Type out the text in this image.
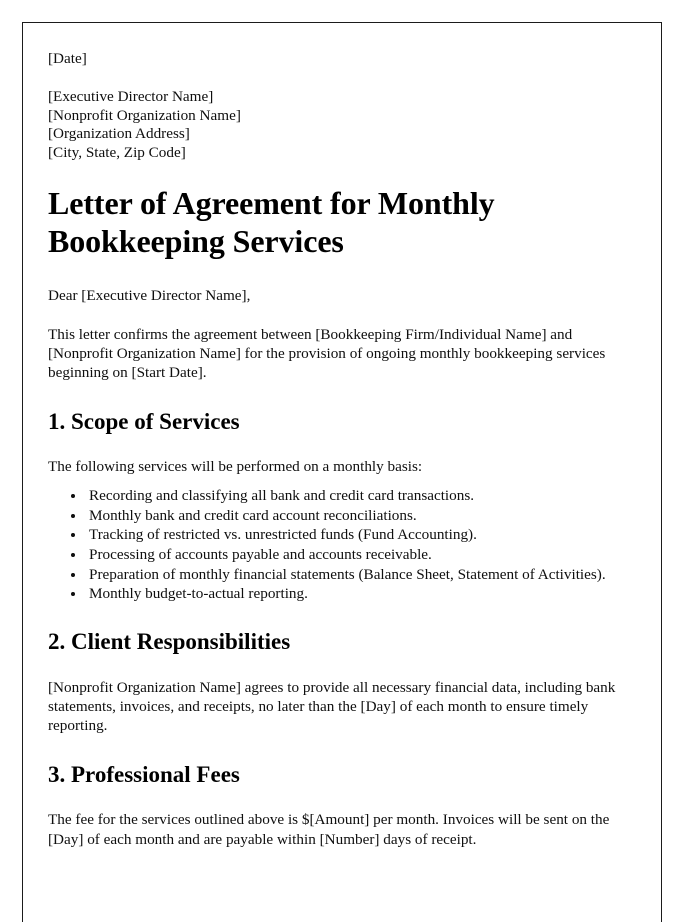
[Date]
[Executive Director Name]
[Nonprofit Organization Name]
[Organization Address]
[City, State, Zip Code]
Letter of Agreement for Monthly Bookkeeping Services
Dear [Executive Director Name],

This letter confirms the agreement between [Bookkeeping Firm/Individual Name] and [Nonprofit Organization Name] for the provision of ongoing monthly bookkeeping services beginning on [Start Date].

1. Scope of Services

The following services will be performed on a monthly basis:

• Recording and classifying all bank and credit card transactions.
• Monthly bank and credit card account reconciliations.
• Tracking of restricted vs. unrestricted funds (Fund Accounting).
• Processing of accounts payable and accounts receivable.
• Preparation of monthly financial statements (Balance Sheet, Statement of Activities).
• Monthly budget-to-actual reporting.
2. Client Responsibilities

[Nonprofit Organization Name] agrees to provide all necessary financial data, including bank statements, invoices, and receipts, no later than the [Day] of each month to ensure timely reporting.

3. Professional Fees

The fee for the services outlined above is $[Amount] per month. Invoices will be sent on the [Day] of each month and are payable within [Number] days of receipt.
